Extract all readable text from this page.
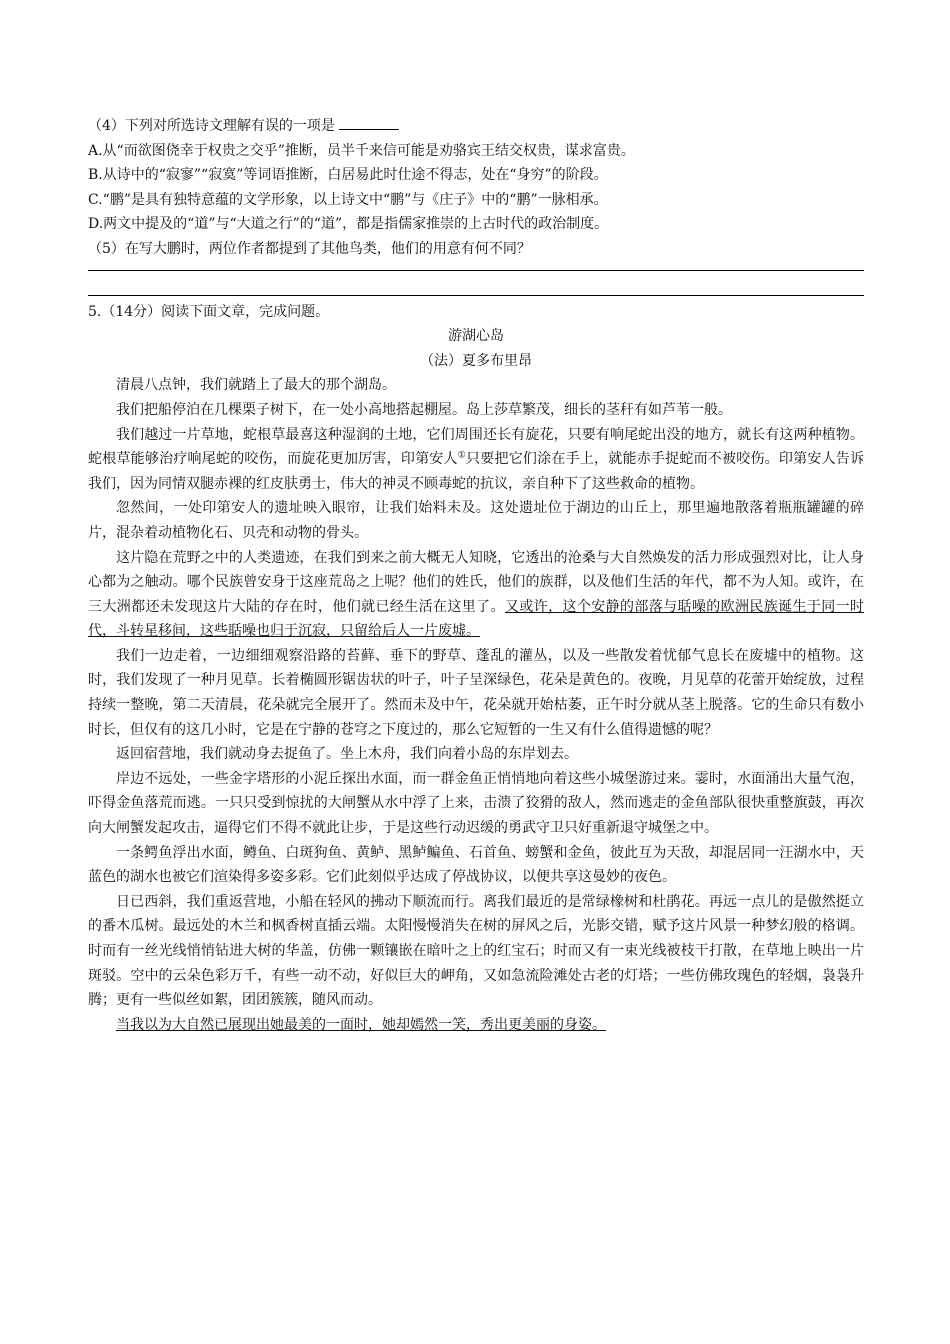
（4）下列对所选诗文理解有误的一项是
A.从“而欲图侥幸于权贵之交乎”推断，员半千来信可能是劝骆宾王结交权贵，谋求富贵。
B.从诗中的“寂寥”“寂寞”等词语推断，白居易此时仕途不得志，处在“身穷”的阶段。
C.“鹏”是具有独特意蕴的文学形象，以上诗文中“鹏”与《庄子》中的“鹏”一脉相承。
D.两文中提及的“道”与“大道之行”的“道”，都是指儒家推崇的上古时代的政治制度。
（5）在写大鹏时，两位作者都提到了其他鸟类，他们的用意有何不同？
5.（14分）阅读下面文章，完成问题。
游湖心岛
（法）夏多布里昂

清晨八点钟，我们就踏上了最大的那个湖岛。

我们把船停泊在几棵栗子树下，在一处小高地搭起棚屋。岛上莎草繁茂，细长的茎秆有如芦苇一般。

我们越过一片草地，蛇根草最喜这种湿润的土地，它们周围还长有旋花，只要有响尾蛇出没的地方，就长有这两种植物。蛇根草能够治疗响尾蛇的咬伤，而旋花更加厉害，印第安人①只要把它们涂在手上，就能赤手捉蛇而不被咬伤。印第安人告诉我们，因为同情双腿赤裸的红皮肤勇士，伟大的神灵不顾毒蛇的抗议，亲自种下了这些救命的植物。

忽然间，一处印第安人的遗址映入眼帘，让我们始料未及。这处遗址位于湖边的山丘上，那里遍地散落着瓶瓶罐罐的碎片，混杂着动植物化石、贝壳和动物的骨头。

这片隐在荒野之中的人类遗迹，在我们到来之前大概无人知晓，它透出的沧桑与大自然焕发的活力形成强烈对比，让人身心都为之触动。哪个民族曾安身于这座荒岛之上呢？他们的姓氏，他们的族群，以及他们生活的年代，都不为人知。或许，在三大洲都还未发现这片大陆的存在时，他们就已经生活在这里了。又或许，这个安静的部落与聒噪的欧洲民族诞生于同一时代，斗转星移间，这些聒噪也归于沉寂，只留给后人一片废墟。

我们一边走着，一边细细观察沿路的苔藓、垂下的野草、蓬乱的灌丛，以及一些散发着忧郁气息长在废墟中的植物。这时，我们发现了一种月见草。长着椭圆形锯齿状的叶子，叶子呈深绿色，花朵是黄色的。夜晚，月见草的花蕾开始绽放，过程持续一整晚，第二天清晨，花朵就完全展开了。然而未及中午，花朵就开始枯萎，正午时分就从茎上脱落。它的生命只有数小时长，但仅有的这几小时，它是在宁静的苍穹之下度过的，那么它短暂的一生又有什么值得遗憾的呢？

返回宿营地，我们就动身去捉鱼了。坐上木舟，我们向着小岛的东岸划去。

岸边不远处，一些金字塔形的小泥丘探出水面，而一群金鱼正悄悄地向着这些小城堡游过来。霎时，水面涌出大量气泡，吓得金鱼落荒而逃。一只只受到惊扰的大闸蟹从水中浮了上来，击溃了狡猾的敌人，然而逃走的金鱼部队很快重整旗鼓，再次向大闸蟹发起攻击，逼得它们不得不就此让步，于是这些行动迟缓的勇武守卫只好重新退守城堡之中。

一条鳄鱼浮出水面，鳟鱼、白斑狗鱼、黄鲈、黑鲈鳊鱼、石首鱼、螃蟹和金鱼，彼此互为天敌，却混居同一汪湖水中，天蓝色的湖水也被它们渲染得多姿多彩。它们此刻似乎达成了停战协议，以便共享这曼妙的夜色。

日已西斜，我们重返营地，小船在轻风的拂动下顺流而行。离我们最近的是常绿橡树和杜鹃花。再远一点儿的是傲然挺立的番木瓜树。最远处的木兰和枫香树直插云端。太阳慢慢消失在树的屏风之后，光影交错，赋予这片风景一种梦幻般的格调。时而有一丝光线悄悄钻进大树的华盖，仿佛一颗镶嵌在暗叶之上的红宝石；时而又有一束光线被枝干打散，在草地上映出一片斑驳。空中的云朵色彩万千，有些一动不动，好似巨大的岬角，又如急流险滩处古老的灯塔；一些仿佛玫瑰色的轻烟，袅袅升腾；更有一些似丝如絮，团团簇簇，随风而动。

当我以为大自然已展现出她最美的一面时，她却嫣然一笑，秀出更美丽的身姿。
